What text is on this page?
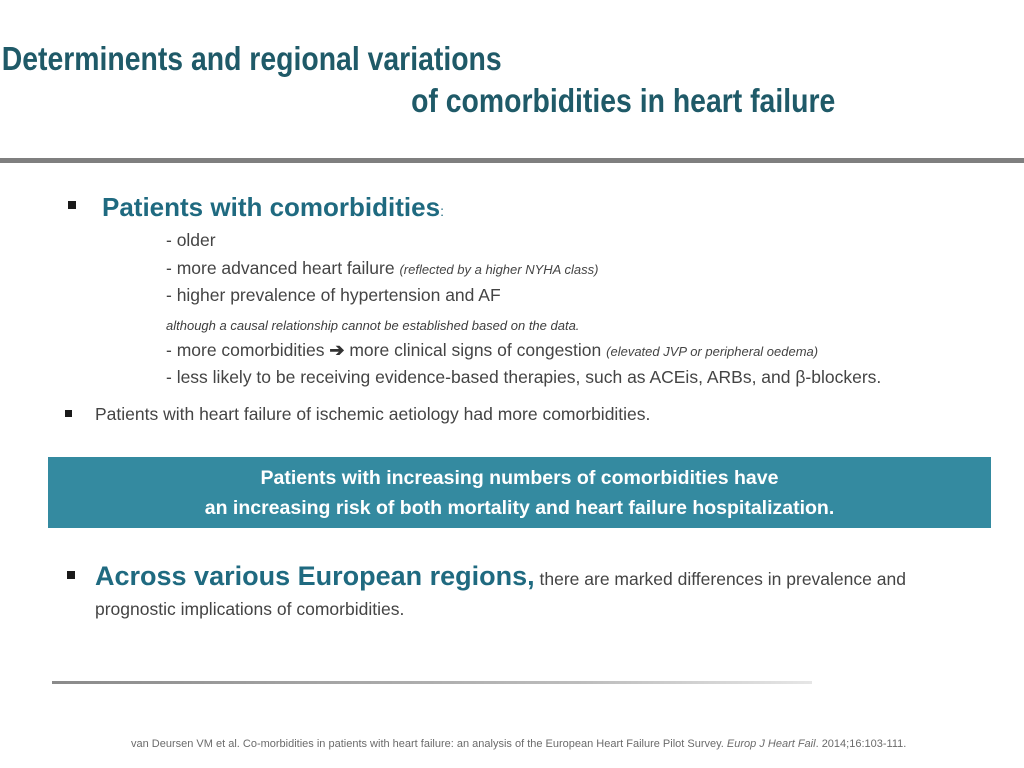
Determinents and regional variations
of comorbidities in heart failure
Patients with comorbidities:
- older
- more advanced heart failure (reflected by a higher NYHA class)
- higher prevalence of hypertension and AF
although a causal relationship cannot be established based on the data.
- more comorbidities ➔ more clinical signs of congestion (elevated JVP or peripheral oedema)
- less likely to be receiving evidence-based therapies, such as ACEis, ARBs, and β-blockers.
Patients with heart failure of ischemic aetiology had more comorbidities.
Patients with increasing numbers of comorbidities have
an increasing risk of both mortality and heart failure hospitalization.
Across various European regions, there are marked differences in prevalence and
prognostic implications of comorbidities.
van Deursen VM et al. Co-morbidities in patients with heart failure: an analysis of the European Heart Failure Pilot Survey. Europ J Heart Fail. 2014;16:103-111.
